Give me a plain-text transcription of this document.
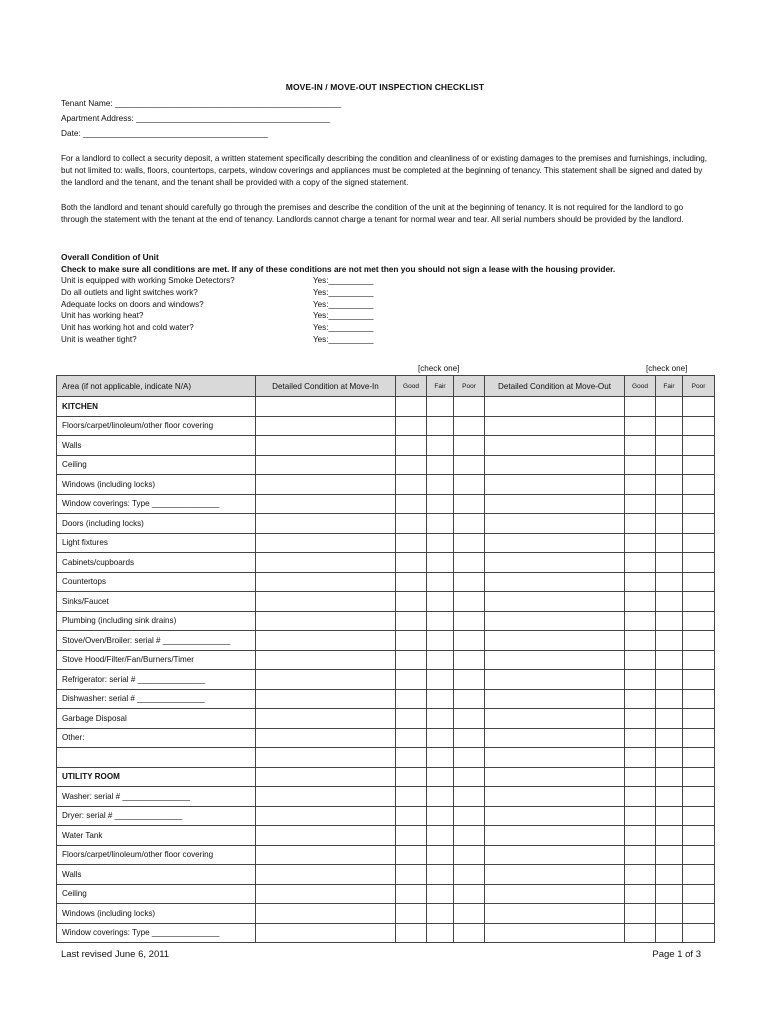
MOVE-IN / MOVE-OUT INSPECTION CHECKLIST
Tenant Name: _________________________________________________
Apartment Address: __________________________________________
Date: ________________________________________
For a landlord to collect a security deposit, a written statement specifically describing the condition and cleanliness of or existing damages to the premises and furnishings, including, but not limited to: walls, floors, countertops, carpets, window coverings and appliances must be completed at the beginning of tenancy. This statement shall be signed and dated by the landlord and the tenant, and the tenant shall be provided with a copy of the signed statement.
Both the landlord and tenant should carefully go through the premises and describe the condition of the unit at the beginning of tenancy. It is not required for the landlord to go through the statement with the tenant at the end of tenancy. Landlords cannot charge a tenant for normal wear and tear. All serial numbers should be provided by the landlord.
Overall Condition of Unit
Check to make sure all conditions are met. If any of these conditions are not met then you should not sign a lease with the housing provider.
Unit is equipped with working Smoke Detectors?	Yes:__________
Do all outlets and light switches work?	Yes:__________
Adequate locks on doors and windows?	Yes:__________
Unit has working heat?	Yes:__________
Unit has working hot and cold water?	Yes:__________
Unit is weather tight?	Yes:__________
[check one]	[check one]
Area (if not applicable, indicate N/A)	Detailed Condition at Move-In	Good	Fair	Poor	Detailed Condition at Move-Out	Good	Fair	Poor
KITCHEN								
Floors/carpet/linoleum/other floor covering								
Walls								
Ceiling								
Windows (including locks)								
Window coverings: Type _______________								
Doors (including locks)								
Light fixtures								
Cabinets/cupboards								
Countertops								
Sinks/Faucet								
Plumbing (including sink drains)								
Stove/Oven/Broiler: serial # _______________								
Stove Hood/Filter/Fan/Burners/Timer								
Refrigerator: serial # _______________								
Dishwasher: serial # _______________								
Garbage Disposal								
Other:								

UTILITY ROOM								
Washer: serial # _______________								
Dryer: serial # _______________								
Water Tank								
Floors/carpet/linoleum/other floor covering								
Walls								
Ceiling								
Windows (including locks)								
Window coverings: Type _______________								
Last revised June 6, 2011	Page 1 of 3
